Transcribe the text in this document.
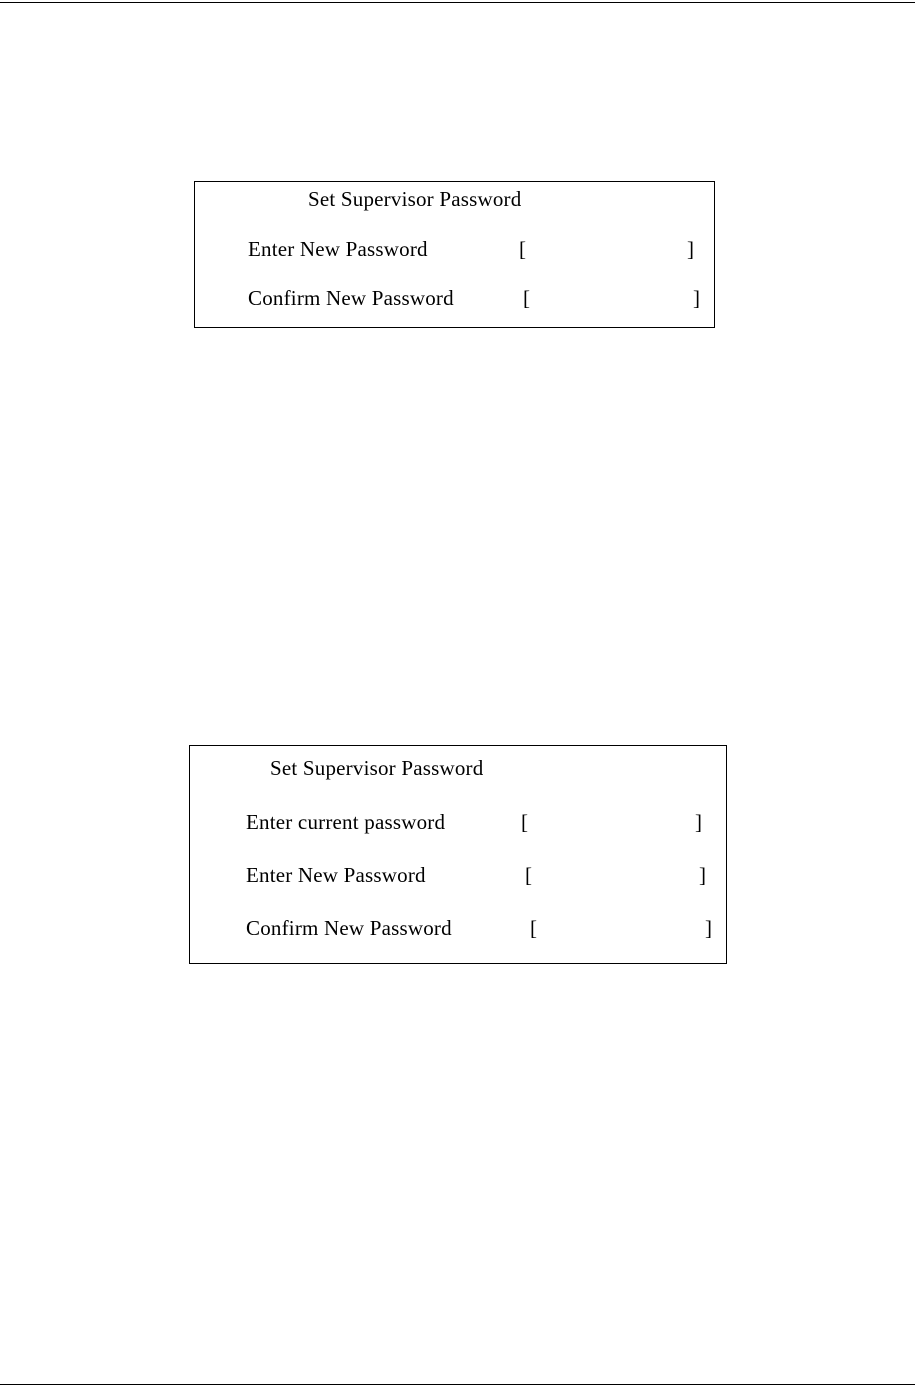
Set Supervisor Password
Enter New Password	[	]
Confirm New Password	[	]
Set Supervisor Password
Enter current password	[	]
Enter New Password	[	]
Confirm New Password	[	]
